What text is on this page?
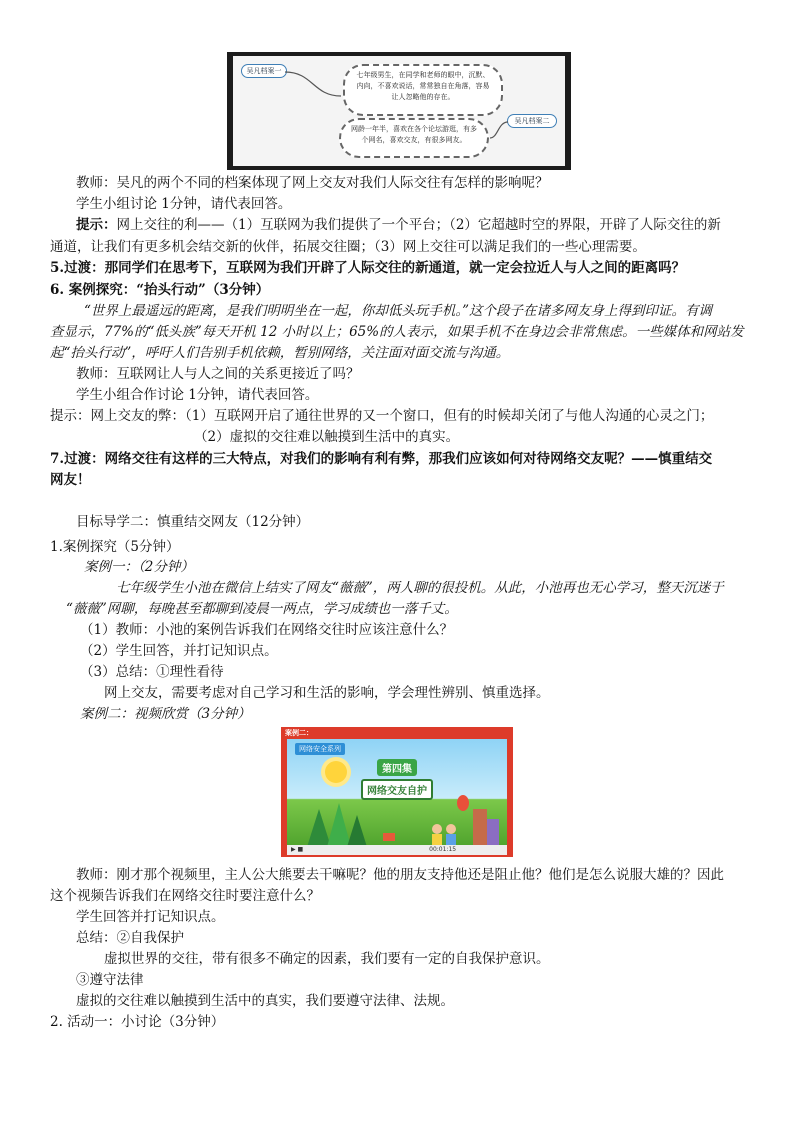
吴凡档案一	七年级男生，在同学和老师的眼中，沉默、内向，不喜欢说话，常常独自在角落，容易让人忽略他的存在。
吴凡档案二
网龄一年半，喜欢在各个论坛游逛，有多个网名，喜欢交友，有很多网友。
教师：吴凡的两个不同的档案体现了网上交友对我们人际交往有怎样的影响呢？
学生小组讨论 1分钟，请代表回答。
提示：网上交往的利——（1）互联网为我们提供了一个平台；（2）它超越时空的界限，开辟了人际交往的新
通道，让我们有更多机会结交新的伙伴，拓展交往圈；（3）网上交往可以满足我们的一些心理需要。
5.过渡：那同学们在思考下，互联网为我们开辟了人际交往的新通道，就一定会拉近人与人之间的距离吗？
6. 案例探究：“抬头行动”（3分钟）
“世界上最遥远的距离，是我们明明坐在一起，你却低头玩手机。”这个段子在诸多网友身上得到印证。有调
查显示，77%的“低头族”每天开机 12 小时以上；65%的人表示，如果手机不在身边会非常焦虑。一些媒体和网站发
起“抬头行动”，呼吁人们告别手机依赖，暂别网络，关注面对面交流与沟通。
教师：互联网让人与人之间的关系更接近了吗？
学生小组合作讨论 1分钟，请代表回答。
提示：网上交友的弊：（1）互联网开启了通往世界的又一个窗口，但有的时候却关闭了与他人沟通的心灵之门；
（2）虚拟的交往难以触摸到生活中的真实。
7.过渡：网络交往有这样的三大特点，对我们的影响有利有弊，那我们应该如何对待网络交友呢？——慎重结交
网友！
目标导学二：慎重结交网友（12分钟）
1.案例探究（5分钟）
案例一：（2分钟）
七年级学生小池在微信上结实了网友“薇薇”，两人聊的很投机。从此，小池再也无心学习，整天沉迷于
“薇薇”网聊，每晚甚至都聊到凌晨一两点，学习成绩也一落千丈。
（1）教师：小池的案例告诉我们在网络交往时应该注意什么？
（2）学生回答，并打记知识点。
（3）总结：①理性看待
网上交友，需要考虑对自己学习和生活的影响，学会理性辨别、慎重选择。
案例二：视频欣赏（3分钟）
案例二：
网络安全系列
第四集
网络交友自护
▶ ■	00:01:15
教师：刚才那个视频里，主人公大熊要去干嘛呢？他的朋友支持他还是阻止他？他们是怎么说服大雄的？因此
这个视频告诉我们在网络交往时要注意什么？
学生回答并打记知识点。
总结：②自我保护
虚拟世界的交往，带有很多不确定的因素，我们要有一定的自我保护意识。
③遵守法律
虚拟的交往难以触摸到生活中的真实，我们要遵守法律、法规。
2. 活动一：小讨论（3分钟）
